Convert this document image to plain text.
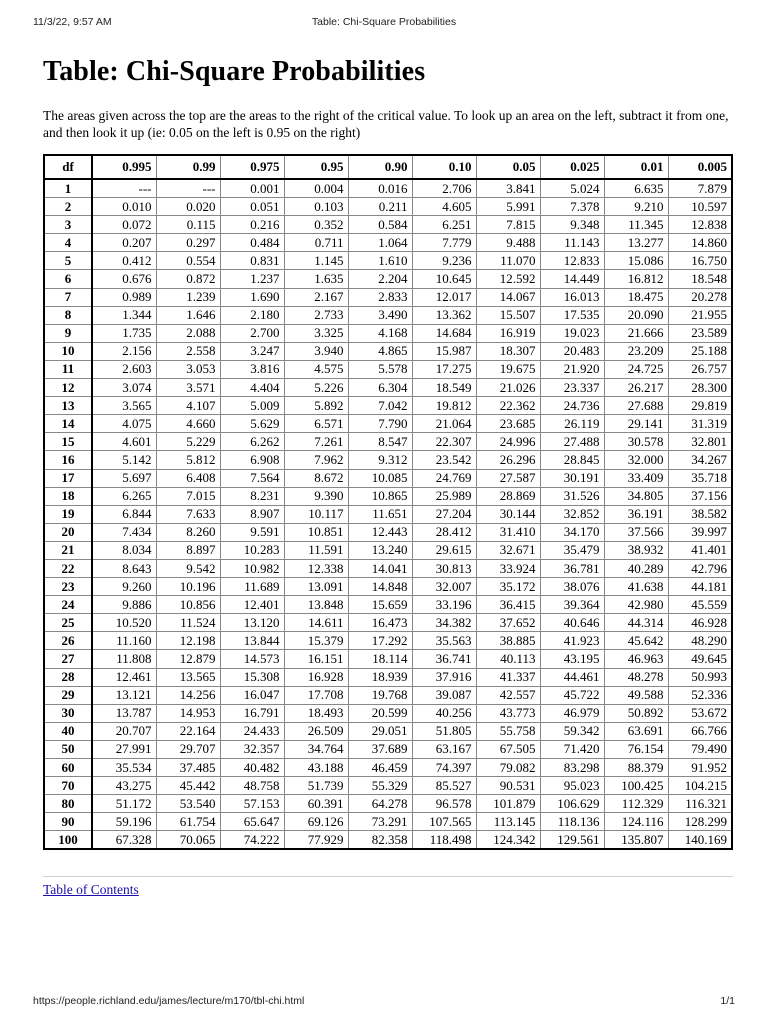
11/3/22, 9:57 AM	Table: Chi-Square Probabilities
Table: Chi-Square Probabilities

The areas given across the top are the areas to the right of the critical value. To look up an area on the left, subtract it from one, and then look it up (ie: 0.05 on the left is 0.95 on the right)

df	0.995	0.99	0.975	0.95	0.90	0.10	0.05	0.025	0.01	0.005
1	---	---	0.001	0.004	0.016	2.706	3.841	5.024	6.635	7.879
2	0.010	0.020	0.051	0.103	0.211	4.605	5.991	7.378	9.210	10.597
3	0.072	0.115	0.216	0.352	0.584	6.251	7.815	9.348	11.345	12.838
4	0.207	0.297	0.484	0.711	1.064	7.779	9.488	11.143	13.277	14.860
5	0.412	0.554	0.831	1.145	1.610	9.236	11.070	12.833	15.086	16.750
6	0.676	0.872	1.237	1.635	2.204	10.645	12.592	14.449	16.812	18.548
7	0.989	1.239	1.690	2.167	2.833	12.017	14.067	16.013	18.475	20.278
8	1.344	1.646	2.180	2.733	3.490	13.362	15.507	17.535	20.090	21.955
9	1.735	2.088	2.700	3.325	4.168	14.684	16.919	19.023	21.666	23.589
10	2.156	2.558	3.247	3.940	4.865	15.987	18.307	20.483	23.209	25.188
11	2.603	3.053	3.816	4.575	5.578	17.275	19.675	21.920	24.725	26.757
12	3.074	3.571	4.404	5.226	6.304	18.549	21.026	23.337	26.217	28.300
13	3.565	4.107	5.009	5.892	7.042	19.812	22.362	24.736	27.688	29.819
14	4.075	4.660	5.629	6.571	7.790	21.064	23.685	26.119	29.141	31.319
15	4.601	5.229	6.262	7.261	8.547	22.307	24.996	27.488	30.578	32.801
16	5.142	5.812	6.908	7.962	9.312	23.542	26.296	28.845	32.000	34.267
17	5.697	6.408	7.564	8.672	10.085	24.769	27.587	30.191	33.409	35.718
18	6.265	7.015	8.231	9.390	10.865	25.989	28.869	31.526	34.805	37.156
19	6.844	7.633	8.907	10.117	11.651	27.204	30.144	32.852	36.191	38.582
20	7.434	8.260	9.591	10.851	12.443	28.412	31.410	34.170	37.566	39.997
21	8.034	8.897	10.283	11.591	13.240	29.615	32.671	35.479	38.932	41.401
22	8.643	9.542	10.982	12.338	14.041	30.813	33.924	36.781	40.289	42.796
23	9.260	10.196	11.689	13.091	14.848	32.007	35.172	38.076	41.638	44.181
24	9.886	10.856	12.401	13.848	15.659	33.196	36.415	39.364	42.980	45.559
25	10.520	11.524	13.120	14.611	16.473	34.382	37.652	40.646	44.314	46.928
26	11.160	12.198	13.844	15.379	17.292	35.563	38.885	41.923	45.642	48.290
27	11.808	12.879	14.573	16.151	18.114	36.741	40.113	43.195	46.963	49.645
28	12.461	13.565	15.308	16.928	18.939	37.916	41.337	44.461	48.278	50.993
29	13.121	14.256	16.047	17.708	19.768	39.087	42.557	45.722	49.588	52.336
30	13.787	14.953	16.791	18.493	20.599	40.256	43.773	46.979	50.892	53.672
40	20.707	22.164	24.433	26.509	29.051	51.805	55.758	59.342	63.691	66.766
50	27.991	29.707	32.357	34.764	37.689	63.167	67.505	71.420	76.154	79.490
60	35.534	37.485	40.482	43.188	46.459	74.397	79.082	83.298	88.379	91.952
70	43.275	45.442	48.758	51.739	55.329	85.527	90.531	95.023	100.425	104.215
80	51.172	53.540	57.153	60.391	64.278	96.578	101.879	106.629	112.329	116.321
90	59.196	61.754	65.647	69.126	73.291	107.565	113.145	118.136	124.116	128.299
100	67.328	70.065	74.222	77.929	82.358	118.498	124.342	129.561	135.807	140.169
Table of Contents
https://people.richland.edu/james/lecture/m170/tbl-chi.html	1/1
